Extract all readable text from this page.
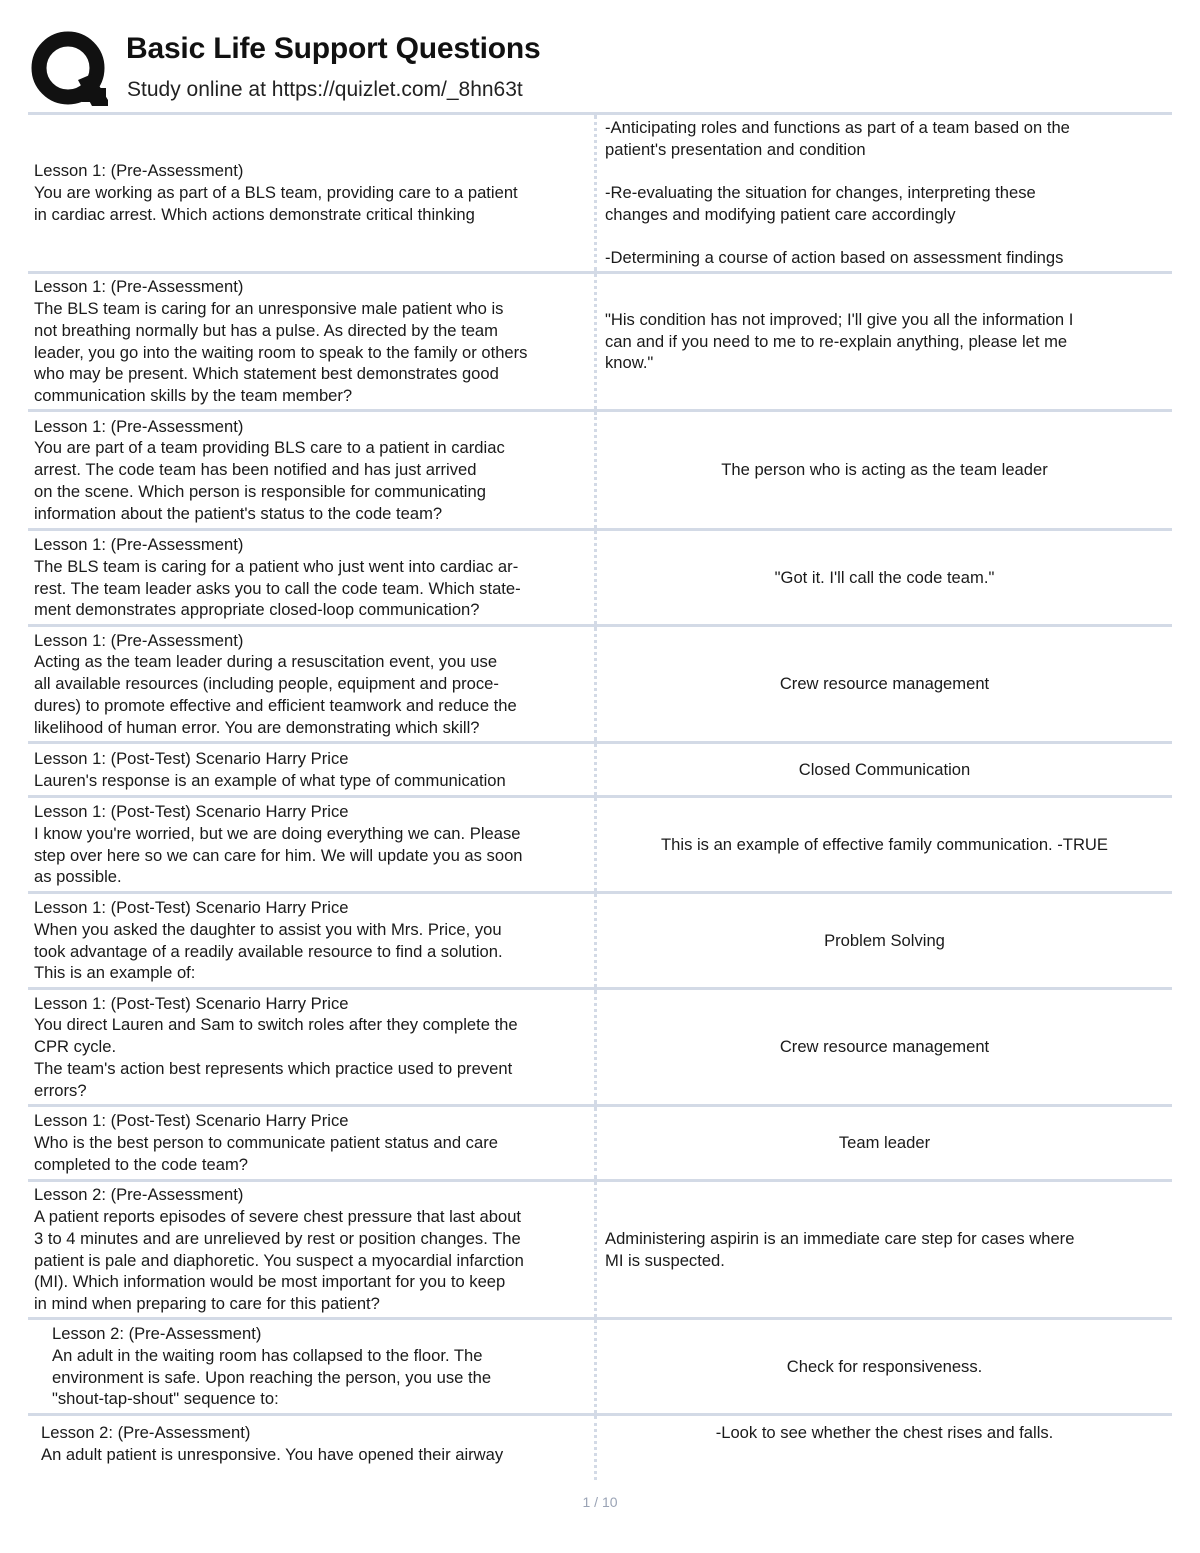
Basic Life Support Questions
Study online at https://quizlet.com/_8hn63t
Lesson 1: (Pre-Assessment)
You are working as part of a BLS team, providing care to a patient
in cardiac arrest. Which actions demonstrate critical thinking
-Anticipating roles and functions as part of a team based on the
patient's presentation and condition

-Re-evaluating the situation for changes, interpreting these
changes and modifying patient care accordingly

-Determining a course of action based on assessment findings
Lesson 1: (Pre-Assessment)
The BLS team is caring for an unresponsive male patient who is
not breathing normally but has a pulse. As directed by the team
leader, you go into the waiting room to speak to the family or others
who may be present. Which statement best demonstrates good
communication skills by the team member?
"His condition has not improved; I'll give you all the information I
can and if you need to me to re-explain anything, please let me
know."
Lesson 1: (Pre-Assessment)
You are part of a team providing BLS care to a patient in cardiac
arrest. The code team has been notified and has just arrived
on the scene. Which person is responsible for communicating
information about the patient's status to the code team?
The person who is acting as the team leader
Lesson 1: (Pre-Assessment)
The BLS team is caring for a patient who just went into cardiac ar-
rest. The team leader asks you to call the code team. Which state-
ment demonstrates appropriate closed-loop communication?
"Got it. I'll call the code team."
Lesson 1: (Pre-Assessment)
Acting as the team leader during a resuscitation event, you use
all available resources (including people, equipment and proce-
dures) to promote effective and efficient teamwork and reduce the
likelihood of human error. You are demonstrating which skill?
Crew resource management
Lesson 1: (Post-Test) Scenario Harry Price
Lauren's response is an example of what type of communication
Closed Communication
Lesson 1: (Post-Test) Scenario Harry Price
I know you're worried, but we are doing everything we can. Please
step over here so we can care for him. We will update you as soon
as possible.
This is an example of effective family communication. -TRUE
Lesson 1: (Post-Test) Scenario Harry Price
When you asked the daughter to assist you with Mrs. Price, you
took advantage of a readily available resource to find a solution.
This is an example of:
Problem Solving
Lesson 1: (Post-Test) Scenario Harry Price
You direct Lauren and Sam to switch roles after they complete the
CPR cycle.
The team's action best represents which practice used to prevent
errors?
Crew resource management
Lesson 1: (Post-Test) Scenario Harry Price
Who is the best person to communicate patient status and care
completed to the code team?
Team leader
Lesson 2: (Pre-Assessment)
A patient reports episodes of severe chest pressure that last about
3 to 4 minutes and are unrelieved by rest or position changes. The
patient is pale and diaphoretic. You suspect a myocardial infarction
(MI). Which information would be most important for you to keep
in mind when preparing to care for this patient?
Administering aspirin is an immediate care step for cases where
MI is suspected.
Lesson 2: (Pre-Assessment)
An adult in the waiting room has collapsed to the floor. The
environment is safe. Upon reaching the person, you use the
"shout-tap-shout" sequence to:
Check for responsiveness.
Lesson 2: (Pre-Assessment)
An adult patient is unresponsive. You have opened their airway
-Look to see whether the chest rises and falls.
1 / 10
